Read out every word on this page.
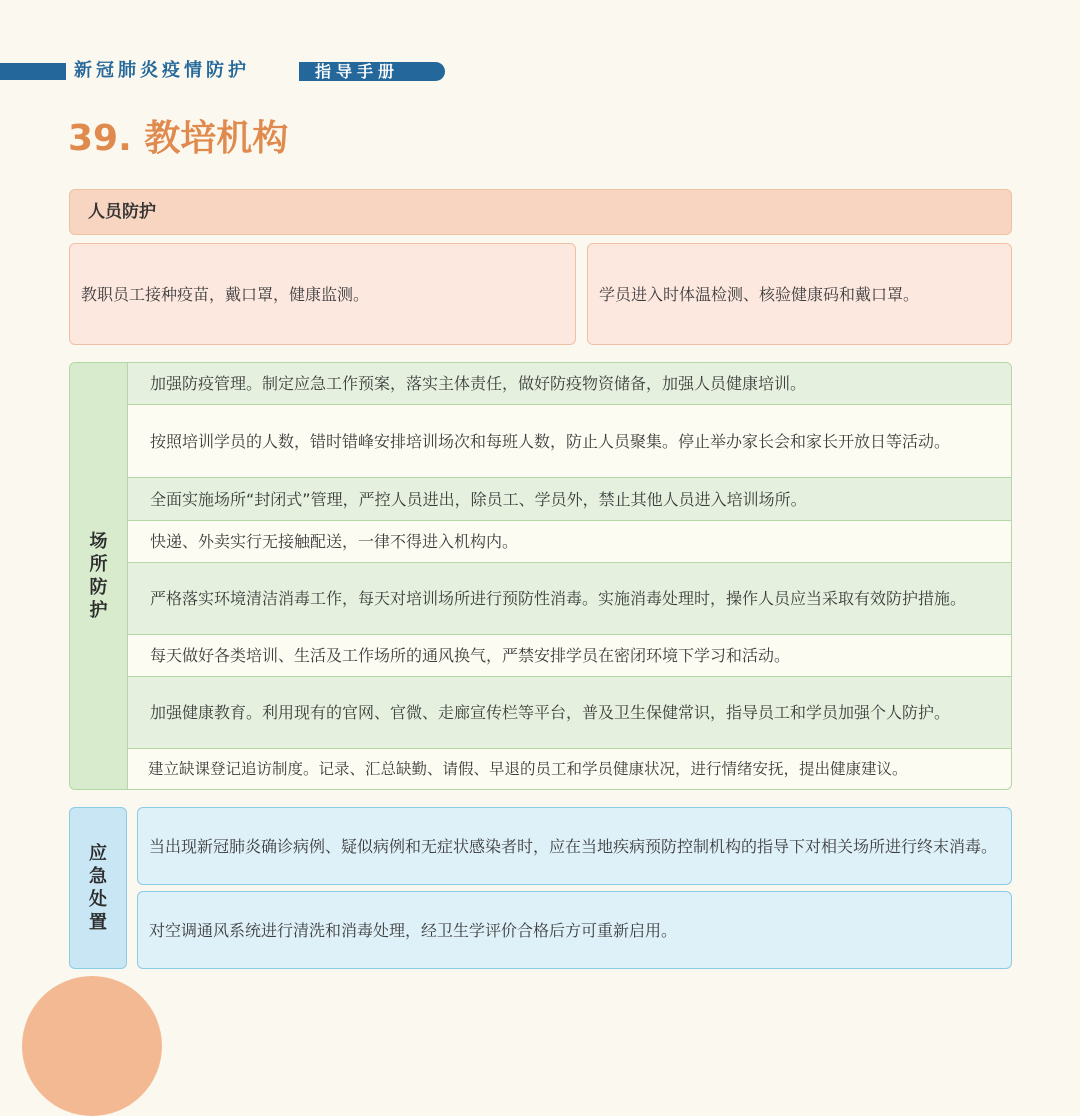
新冠肺炎疫情防护	指导手册
39. 教培机构
人员防护
教职员工接种疫苗，戴口罩，健康监测。	学员进入时体温检测、核验健康码和戴口罩。
场所防护
加强防疫管理。制定应急工作预案，落实主体责任，做好防疫物资储备，加强人员健康培训。
按照培训学员的人数，错时错峰安排培训场次和每班人数，防止人员聚集。停止举办家长会和家长开放日等活动。
全面实施场所“封闭式”管理，严控人员进出，除员工、学员外，禁止其他人员进入培训场所。
快递、外卖实行无接触配送，一律不得进入机构内。
严格落实环境清洁消毒工作，每天对培训场所进行预防性消毒。实施消毒处理时，操作人员应当采取有效防护措施。
每天做好各类培训、生活及工作场所的通风换气，严禁安排学员在密闭环境下学习和活动。
加强健康教育。利用现有的官网、官微、走廊宣传栏等平台，普及卫生保健常识，指导员工和学员加强个人防护。
建立缺课登记追访制度。记录、汇总缺勤、请假、早退的员工和学员健康状况，进行情绪安抚，提出健康建议。
应急处置
当出现新冠肺炎确诊病例、疑似病例和无症状感染者时，应在当地疾病预防控制机构的指导下对相关场所进行终末消毒。
对空调通风系统进行清洗和消毒处理，经卫生学评价合格后方可重新启用。
